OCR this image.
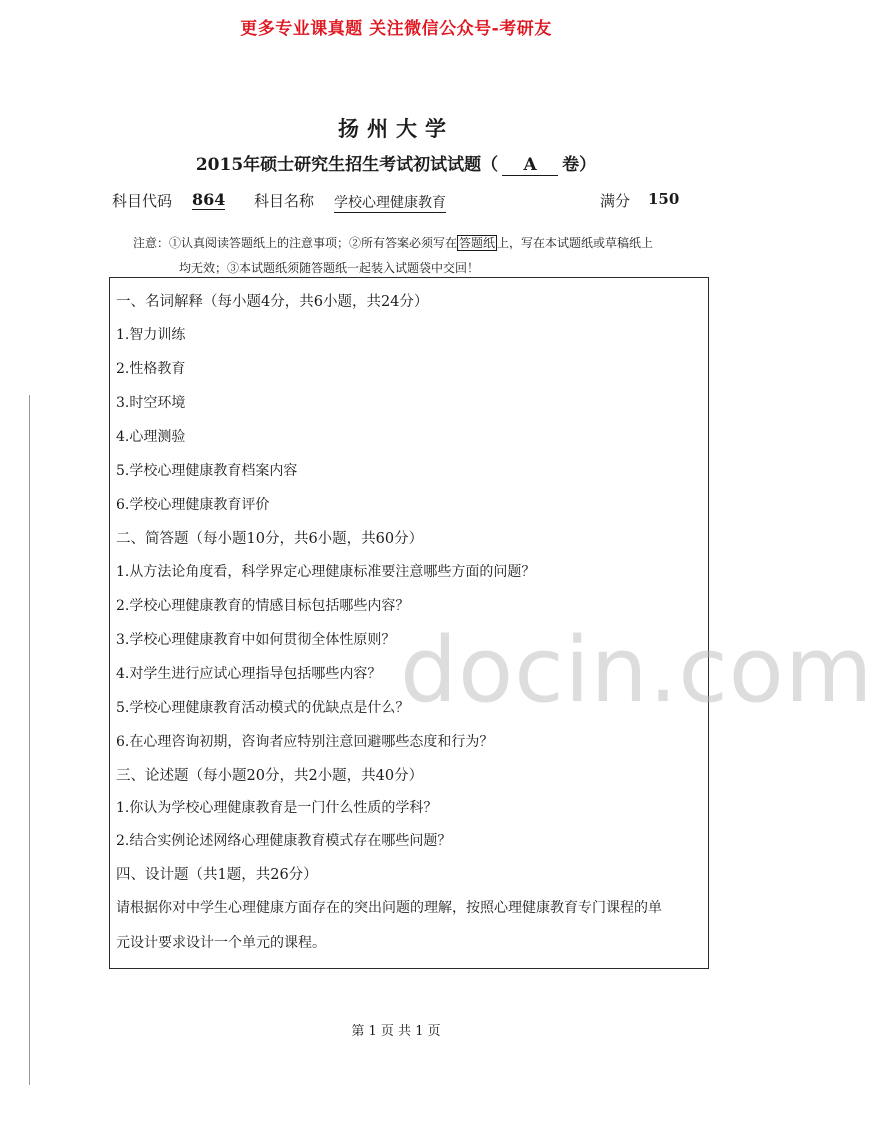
更多专业课真题 关注微信公众号-考研友
扬州大学
2015年硕士研究生招生考试初试试题（ A 卷）
科目代码 864 科目名称 学校心理健康教育	满分 150
注意：①认真阅读答题纸上的注意事项；②所有答案必须写在 答题纸 上，写在本试题纸或草稿纸上
均无效；③本试题纸须随答题纸一起装入试题袋中交回！
一、名词解释（每小题4分，共6小题，共24分）
1.智力训练
2.性格教育
3.时空环境
4.心理测验
5.学校心理健康教育档案内容
6.学校心理健康教育评价
二、简答题（每小题10分，共6小题，共60分）
1.从方法论角度看，科学界定心理健康标准要注意哪些方面的问题？
2.学校心理健康教育的情感目标包括哪些内容？
3.学校心理健康教育中如何贯彻全体性原则？
4.对学生进行应试心理指导包括哪些内容？
5.学校心理健康教育活动模式的优缺点是什么？
6.在心理咨询初期，咨询者应特别注意回避哪些态度和行为？
三、论述题（每小题20分，共2小题，共40分）
1.你认为学校心理健康教育是一门什么性质的学科？
2.结合实例论述网络心理健康教育模式存在哪些问题？
四、设计题（共1题，共26分）
请根据你对中学生心理健康方面存在的突出问题的理解，按照心理健康教育专门课程的单
元设计要求设计一个单元的课程。
docin.com
第 1 页 共 1 页
